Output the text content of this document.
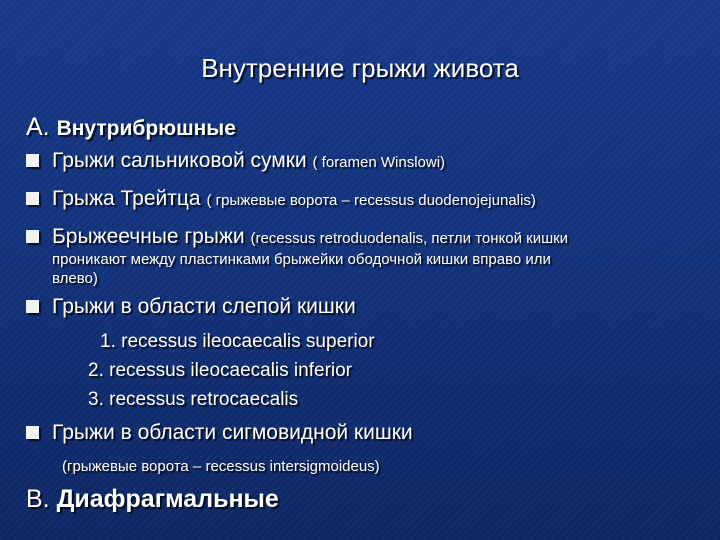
Внутренние грыжи живота
А. Внутрибрюшные
Грыжи сальниковой сумки ( foramen Winslowi)
Грыжа Трейтца ( грыжевые ворота – recessus duodenojejunalis)
Брыжеечные грыжи (recessus retroduodenalis, петли тонкой кишки
проникают между пластинками брыжейки ободочной кишки вправо или
влево)
Грыжи в области слепой кишки
1. recessus ileocaecalis superior
2. recessus ileocaecalis inferior
3. recessus retrocaecalis
Грыжи в области сигмовидной кишки
(грыжевые ворота – recessus intersigmoideus)
В. Диафрагмальные
